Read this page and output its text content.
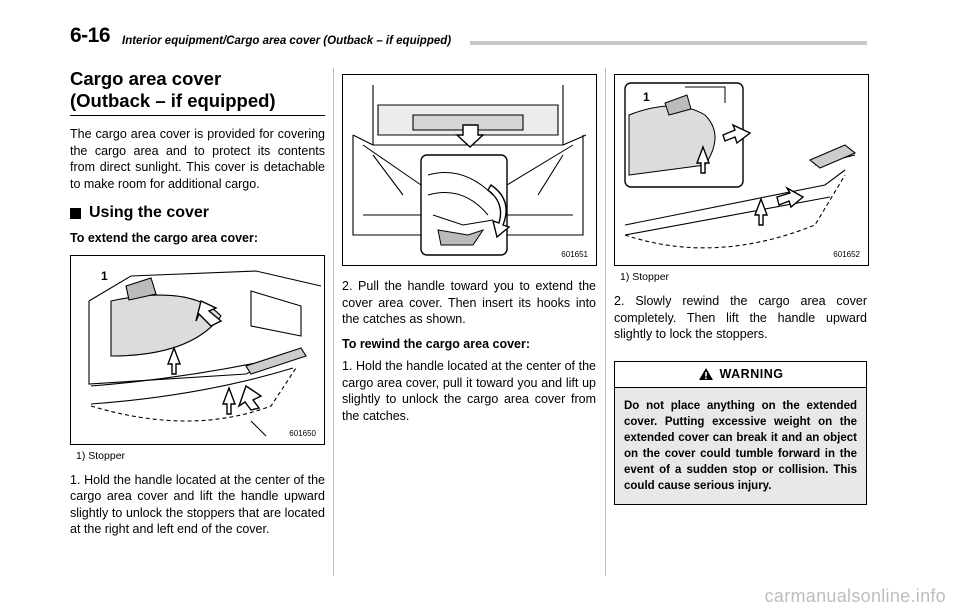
6-16 Interior equipment/Cargo area cover (Outback – if equipped)
Cargo area cover
(Outback – if equipped)

The cargo area cover is provided for covering the cargo area and to protect its contents from direct sunlight. This cover is detachable to make room for additional cargo.

Using the cover

To extend the cargo area cover:

1
601650
1) Stopper

1. Hold the handle located at the center of the cargo area cover and lift the handle upward slightly to unlock the stoppers that are located at the right and left end of the cover.

601651

2. Pull the handle toward you to extend the cover area cover. Then insert its hooks into the catches as shown.

To rewind the cargo area cover:

1. Hold the handle located at the center of the cargo area cover, pull it toward you and lift up slightly to unlock the cargo area cover from the catches.

1
601652
1) Stopper

2. Slowly rewind the cargo area cover completely. Then lift the handle upward slightly to lock the stoppers.

WARNING
Do not place anything on the extended cover. Putting excessive weight on the extended cover can break it and an object on the cover could tumble forward in the event of a sudden stop or collision. This could cause serious injury.
carmanualsonline.info
